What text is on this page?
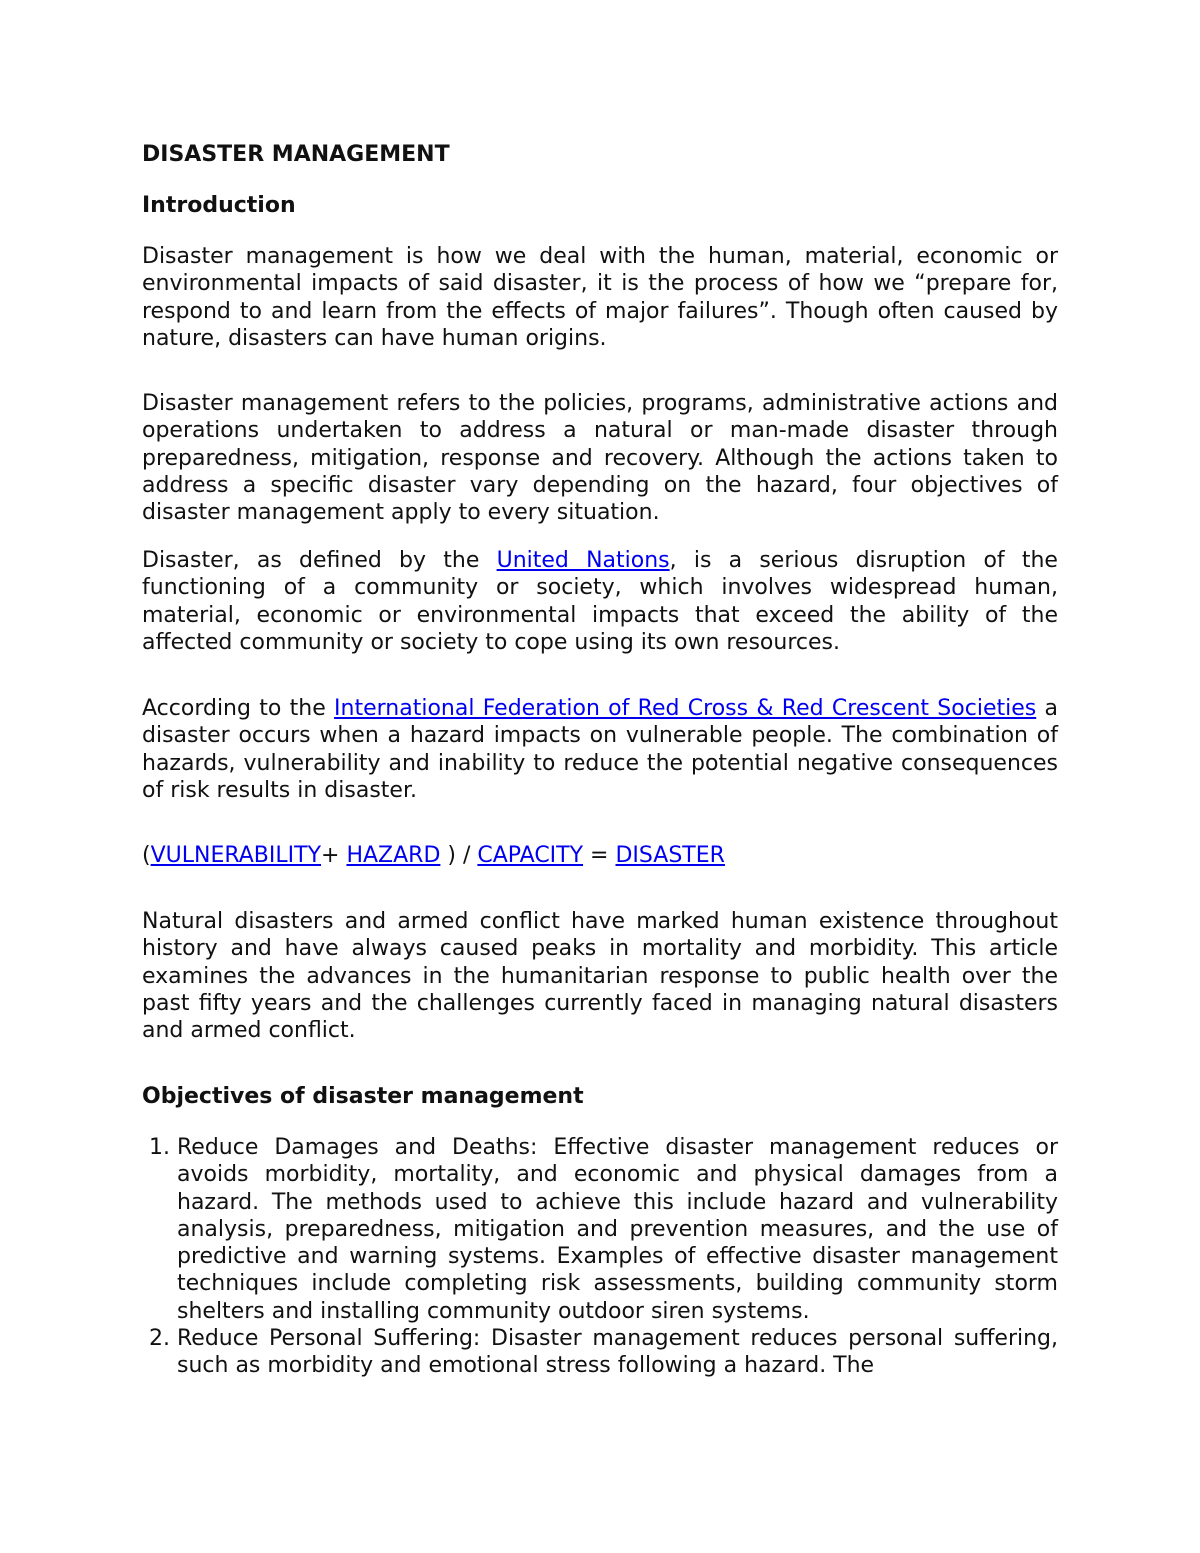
DISASTER MANAGEMENT
Introduction

Disaster management is how we deal with the human, material, economic or environmental impacts of said disaster, it is the process of how we “prepare for, respond to and learn from the effects of major failures”. Though often caused by nature, disasters can have human origins.

Disaster management refers to the policies, programs, administrative actions and operations undertaken to address a natural or man-made disaster through preparedness, mitigation, response and recovery. Although the actions taken to address a specific disaster vary depending on the hazard, four objectives of disaster management apply to every situation.

Disaster, as defined by the United Nations, is a serious disruption of the functioning of a community or society, which involves widespread human, material, economic or environmental impacts that exceed the ability of the affected community or society to cope using its own resources.

According to the International Federation of Red Cross & Red Crescent Societies a disaster occurs when a hazard impacts on vulnerable people. The combination of hazards, vulnerability and inability to reduce the potential negative consequences of risk results in disaster.

(VULNERABILITY+ HAZARD ) / CAPACITY = DISASTER

Natural disasters and armed conflict have marked human existence throughout history and have always caused peaks in mortality and morbidity. This article examines the advances in the humanitarian response to public health over the past fifty years and the challenges currently faced in managing natural disasters and armed conflict.

Objectives of disaster management
1. Reduce Damages and Deaths: Effective disaster management reduces or avoids morbidity, mortality, and economic and physical damages from a hazard. The methods used to achieve this include hazard and vulnerability analysis, preparedness, mitigation and prevention measures, and the use of predictive and warning systems. Examples of effective disaster management techniques include completing risk assessments, building community storm shelters and installing community outdoor siren systems.
2. Reduce Personal Suffering: Disaster management reduces personal suffering, such as morbidity and emotional stress following a hazard. The
